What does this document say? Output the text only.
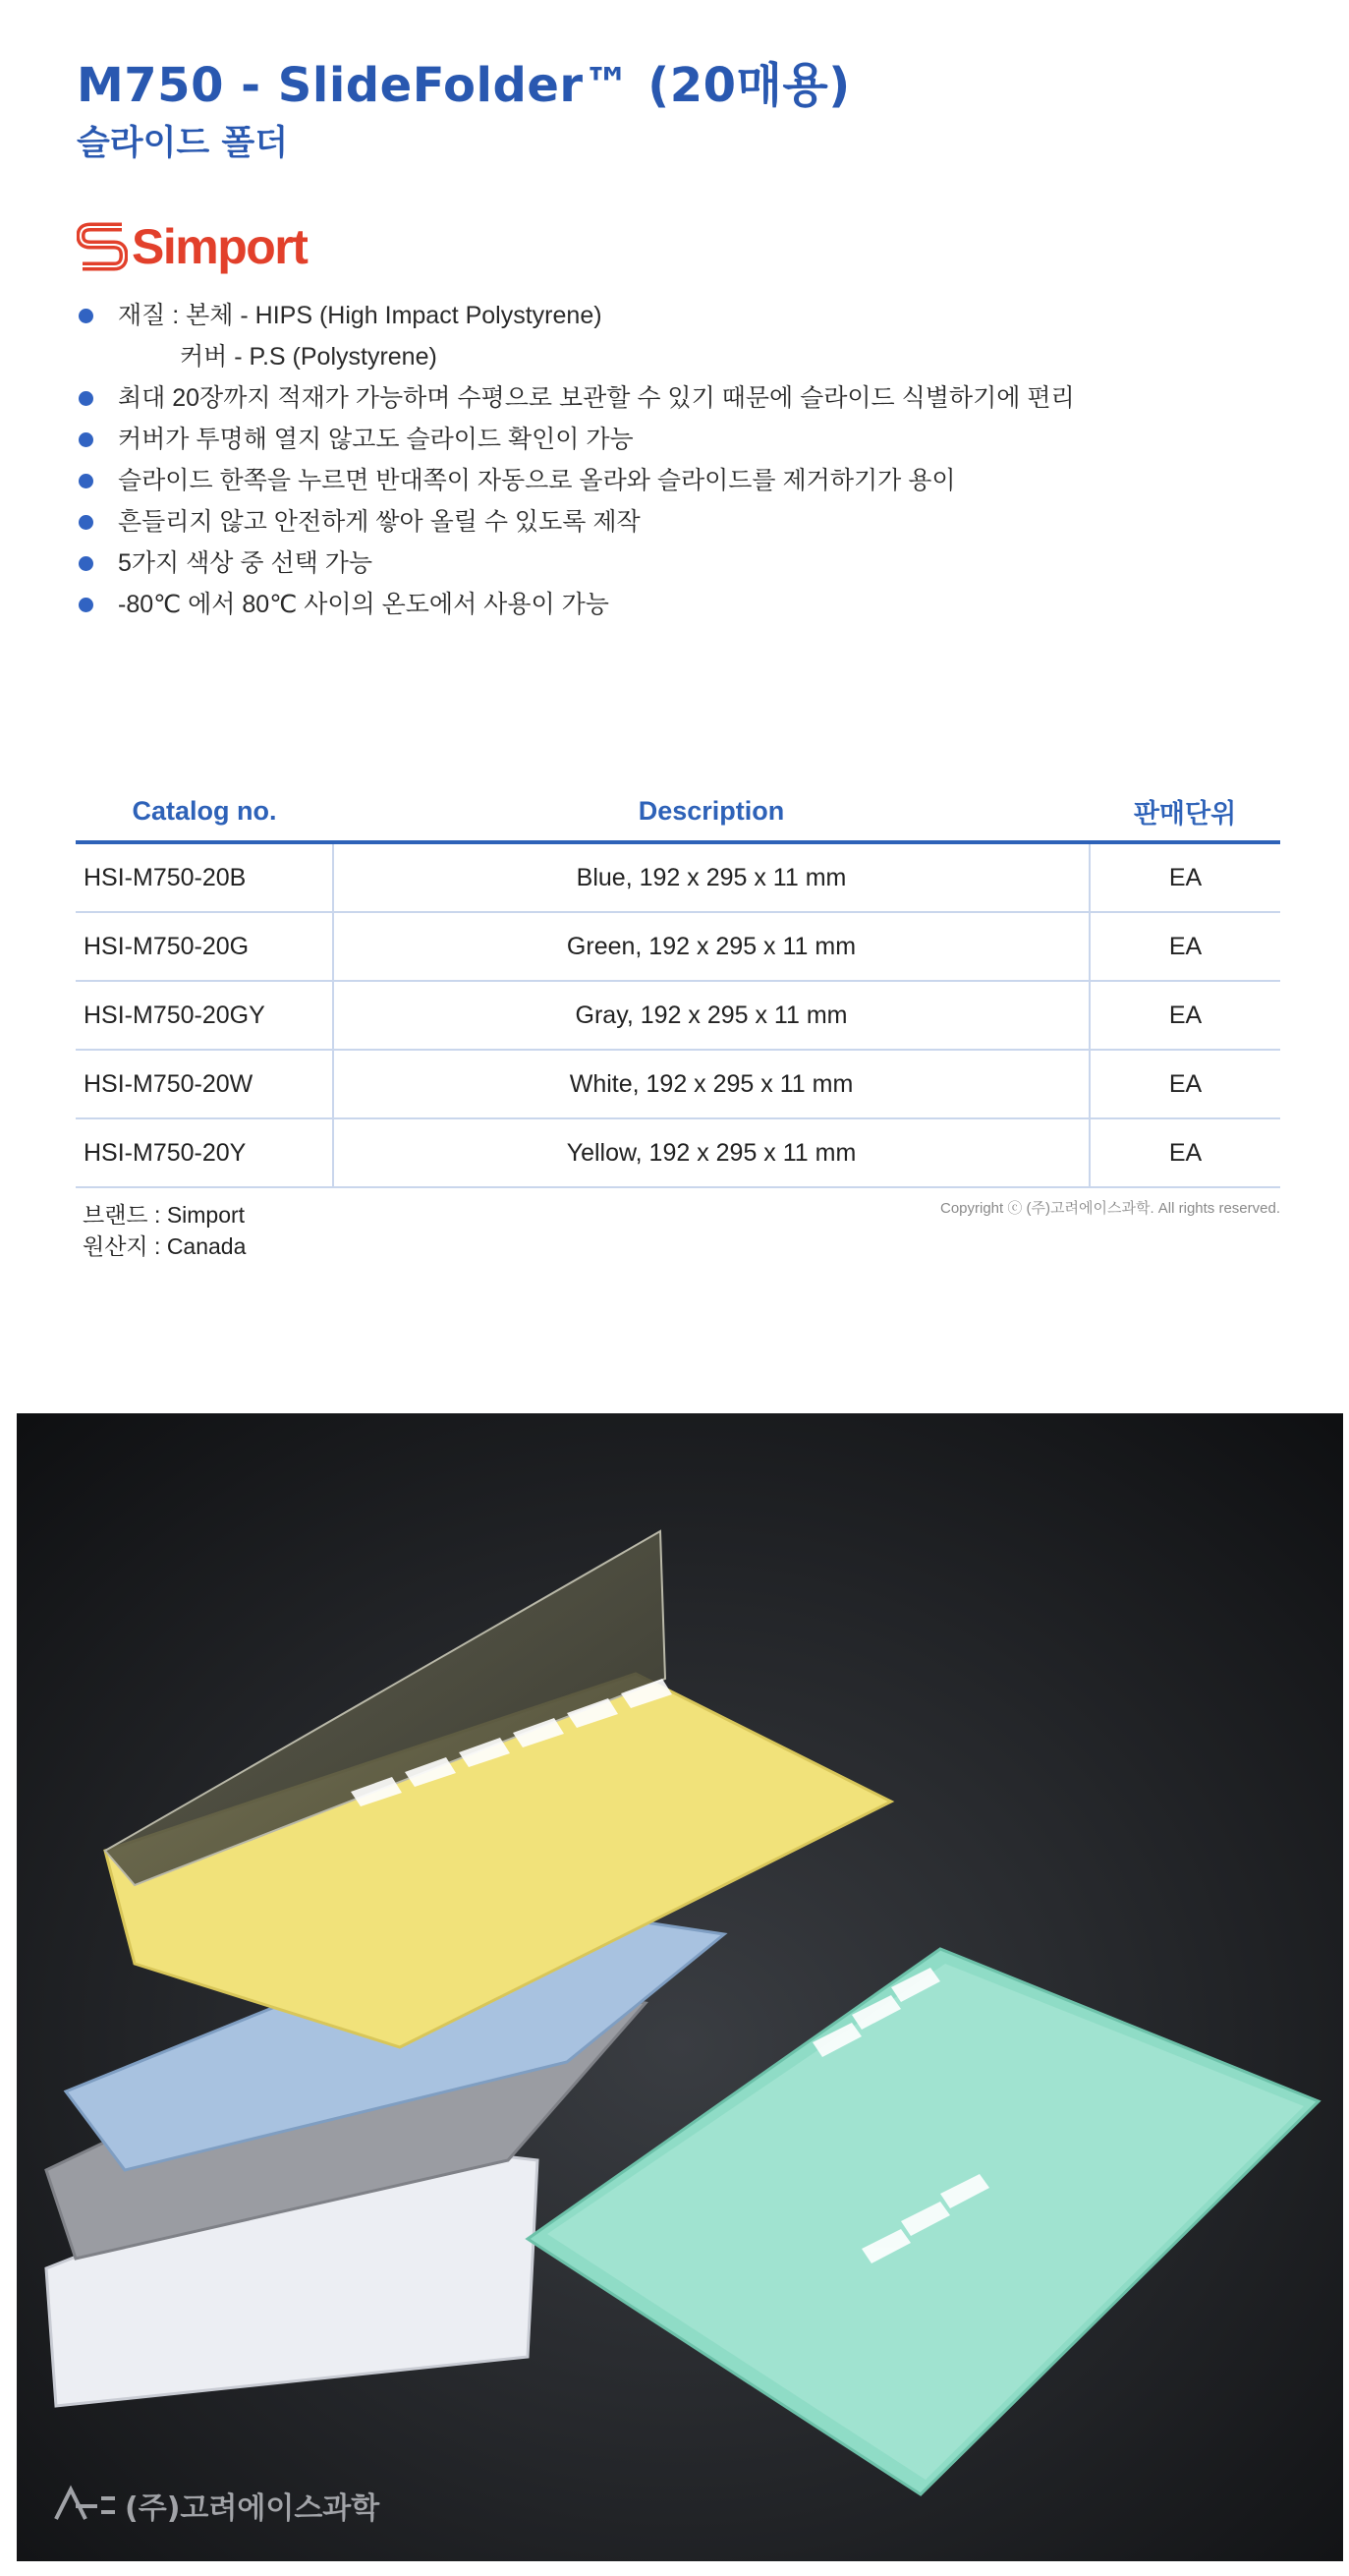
M750 - SlideFolder™ (20매용)
슬라이드 폴더
Simport
재질 : 본체 - HIPS (High Impact Polystyrene)
커버 - P.S (Polystyrene)
최대 20장까지 적재가 가능하며 수평으로 보관할 수 있기 때문에 슬라이드 식별하기에 편리
커버가 투명해 열지 않고도 슬라이드 확인이 가능
슬라이드 한쪽을 누르면 반대쪽이 자동으로 올라와 슬라이드를 제거하기가 용이
흔들리지 않고 안전하게 쌓아 올릴 수 있도록 제작
5가지 색상 중 선택 가능
-80℃ 에서 80℃ 사이의 온도에서 사용이 가능
Catalog no.	Description	판매단위
HSI-M750-20B	Blue, 192 x 295 x 11 mm	EA
HSI-M750-20G	Green, 192 x 295 x 11 mm	EA
HSI-M750-20GY	Gray, 192 x 295 x 11 mm	EA
HSI-M750-20W	White, 192 x 295 x 11 mm	EA
HSI-M750-20Y	Yellow, 192 x 295 x 11 mm	EA
브랜드 : Simport
원산지 : Canada
Copyright ⓒ (주)고려에이스과학. All rights reserved.
(주)고려에이스과학
